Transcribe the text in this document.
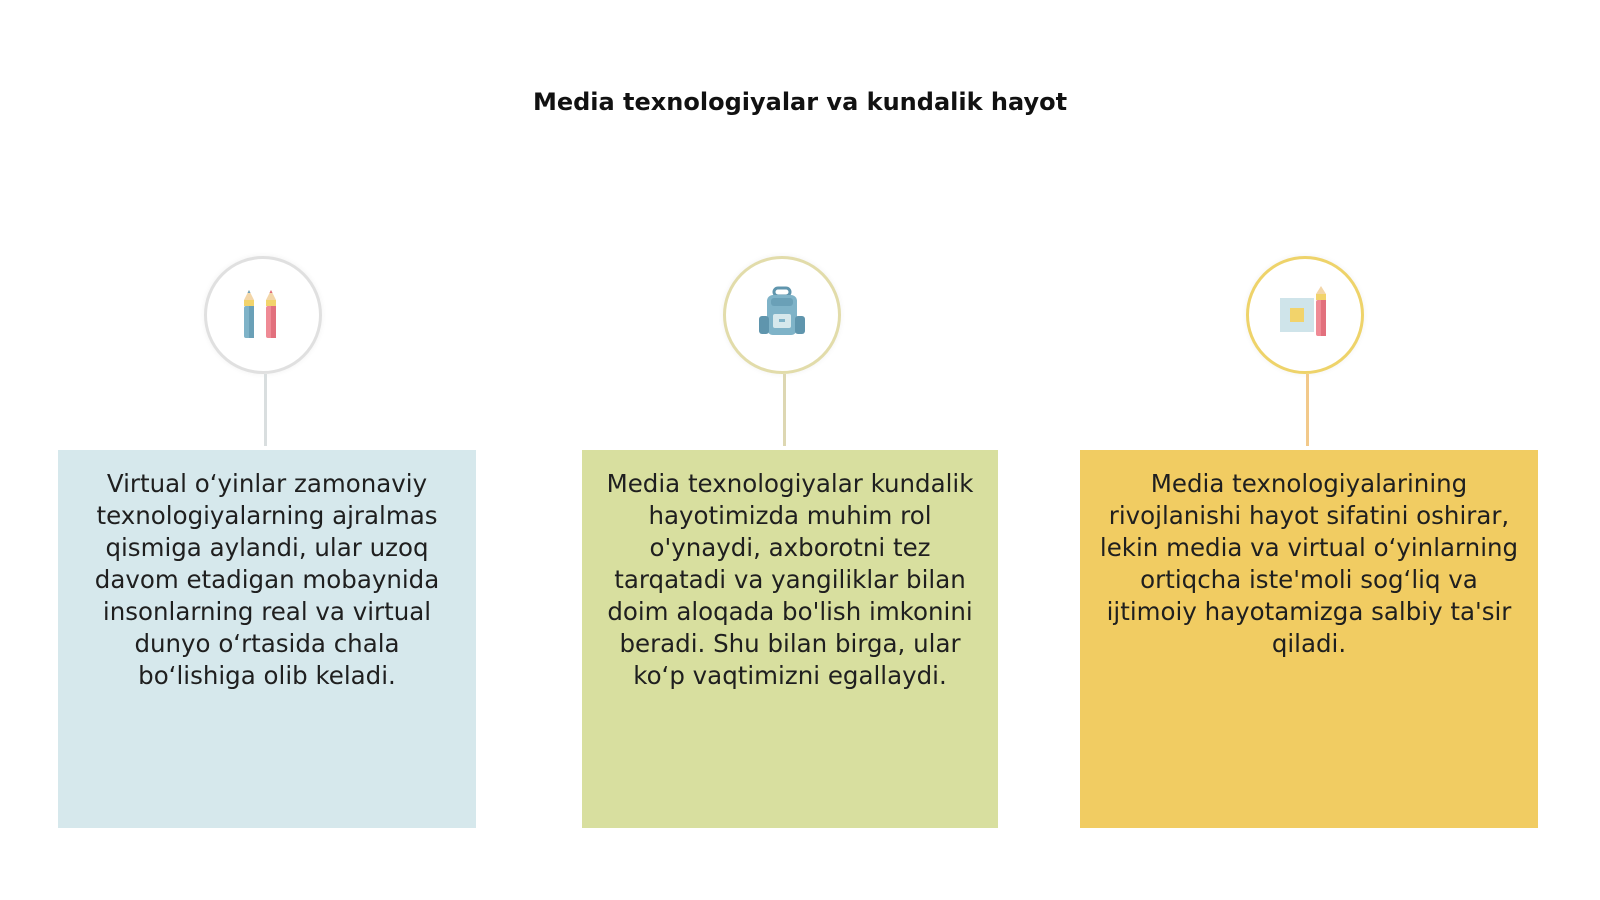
Media texnologiyalar va kundalik hayot

Virtual o‘yinlar zamonaviy texnologiyalarning ajralmas qismiga aylandi, ular uzoq davom etadigan mobaynida insonlarning real va virtual dunyo o‘rtasida chala bo‘lishiga olib keladi.

Media texnologiyalar kundalik hayotimizda muhim rol o'ynaydi, axborotni tez tarqatadi va yangiliklar bilan doim aloqada bo'lish imkonini beradi. Shu bilan birga, ular ko‘p vaqtimizni egallaydi.

Media texnologiyalarining rivojlanishi hayot sifatini oshirar, lekin media va virtual o‘yinlarning ortiqcha iste'moli sog‘liq va ijtimoiy hayotamizga salbiy ta'sir qiladi.
